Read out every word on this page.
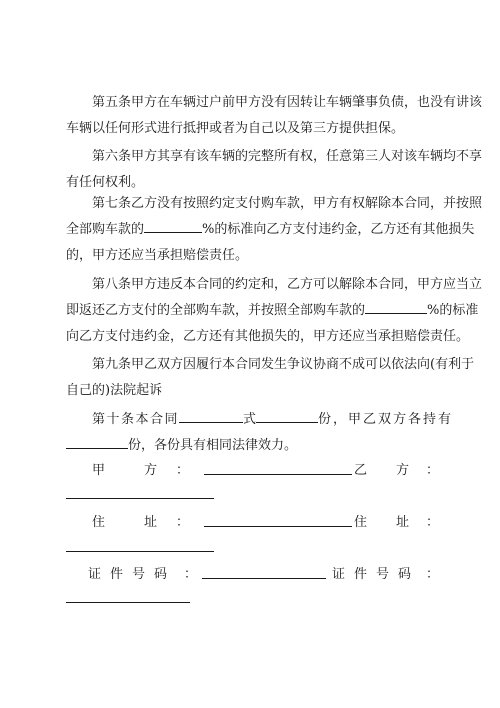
第五条甲方在车辆过户前甲方没有因转让车辆肇事负债，也没有讲该
车辆以任何形式进行抵押或者为自己以及第三方提供担保。
第六条甲方其享有该车辆的完整所有权，任意第三人对该车辆均不享
有任何权利。
第七条乙方没有按照约定支付购车款，甲方有权解除本合同，并按照
全部购车款的	%的标准向乙方支付违约金，乙方还有其他损失
的，甲方还应当承担赔偿责任。
第八条甲方违反本合同的约定和，乙方可以解除本合同，甲方应当立
即返还乙方支付的全部购车款，并按照全部购车款的	%的标准
向乙方支付违约金，乙方还有其他损失的，甲方还应当承担赔偿责任。
第九条甲乙双方因履行本合同发生争议协商不成可以依法向(有利于
自己的)法院起诉
第十条本合同	式	份，甲乙双方各持有
份，各份具有相同法律效力。
甲	方 ：	乙 方 ：
住	址 ：	住 址 ：
证 件 号 码 ：	证 件 号 码 ：
